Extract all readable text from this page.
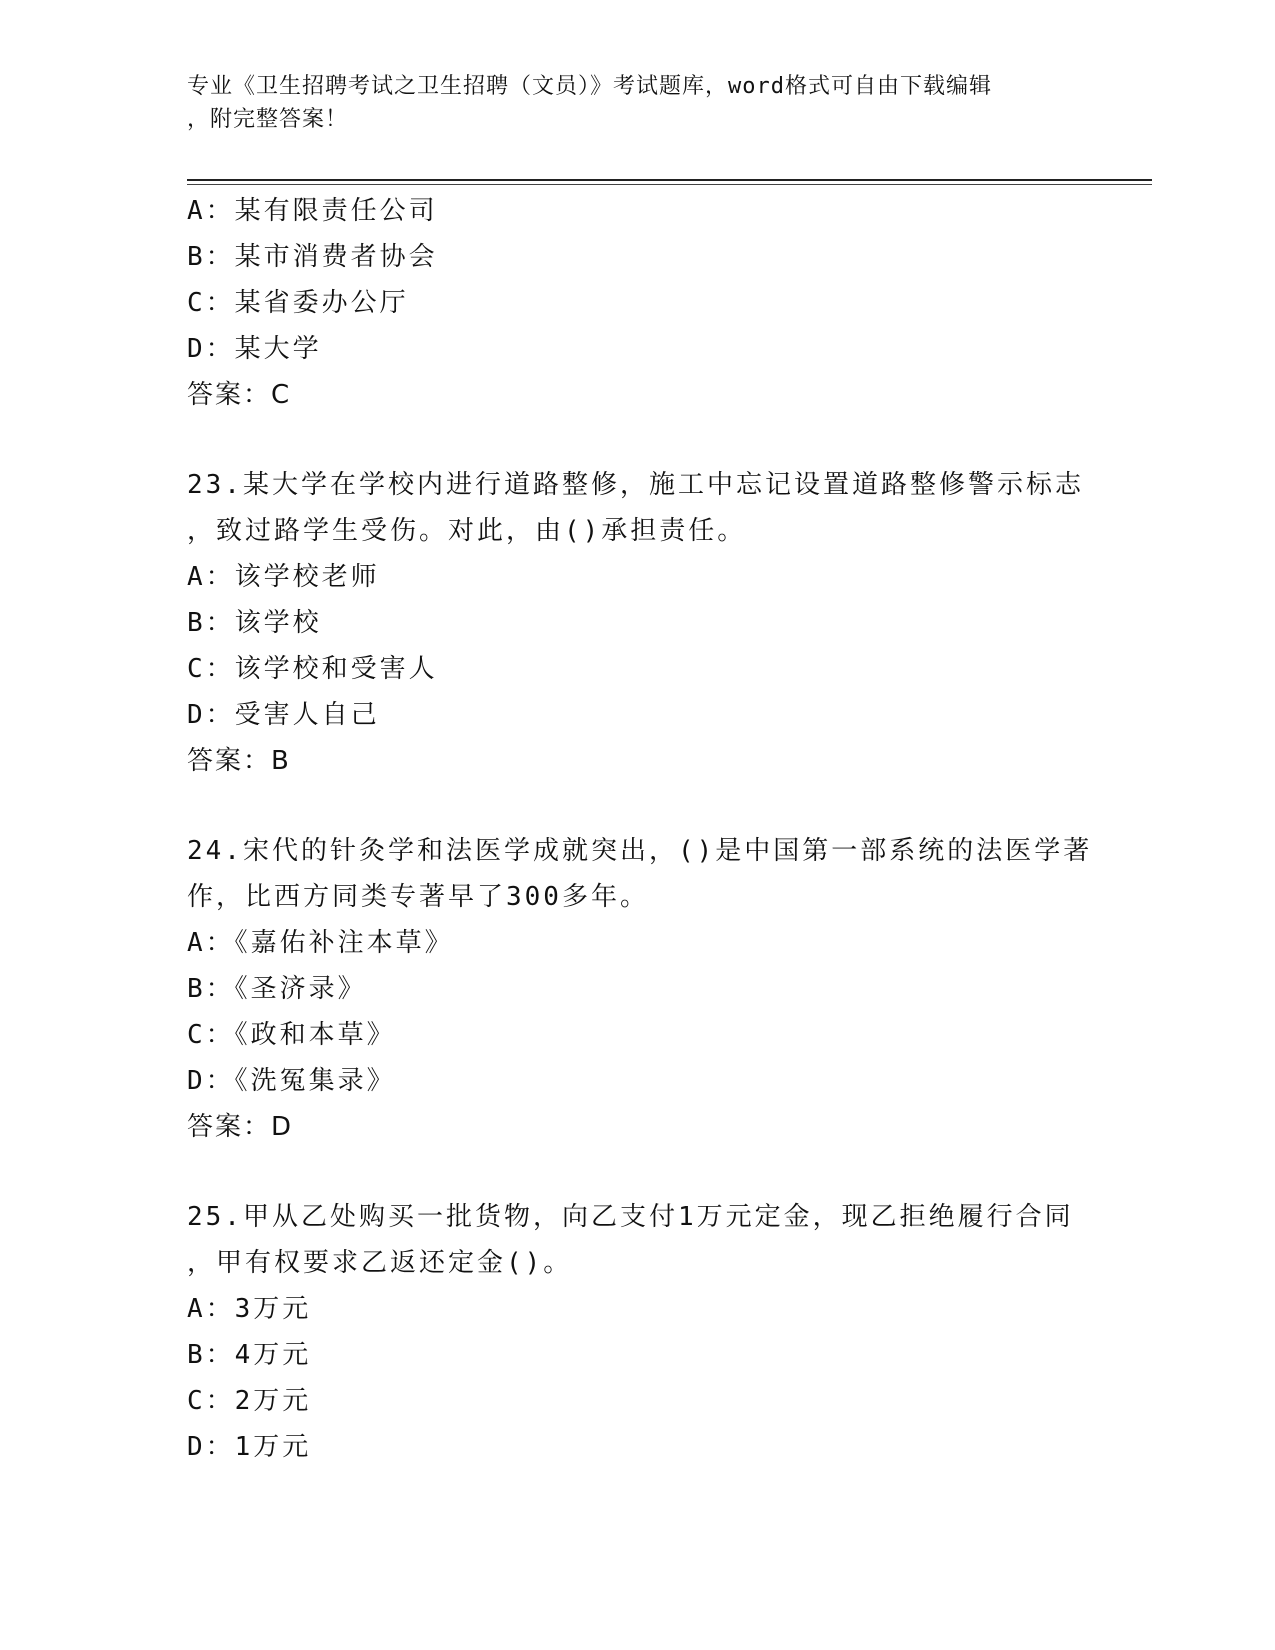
专业《卫生招聘考试之卫生招聘（文员）》考试题库，word格式可自由下载编辑
，附完整答案！
A：某有限责任公司
B：某市消费者协会
C：某省委办公厅
D：某大学
答案：C
23.某大学在学校内进行道路整修，施工中忘记设置道路整修警示标志
，致过路学生受伤。对此，由()承担责任。
A：该学校老师
B：该学校
C：该学校和受害人
D：受害人自己
答案：B
24.宋代的针灸学和法医学成就突出，()是中国第一部系统的法医学著
作，比西方同类专著早了300多年。
A：《嘉佑补注本草》
B：《圣济录》
C：《政和本草》
D：《洗冤集录》
答案：D
25.甲从乙处购买一批货物，向乙支付1万元定金，现乙拒绝履行合同
，甲有权要求乙返还定金()。
A：3万元
B：4万元
C：2万元
D：1万元
